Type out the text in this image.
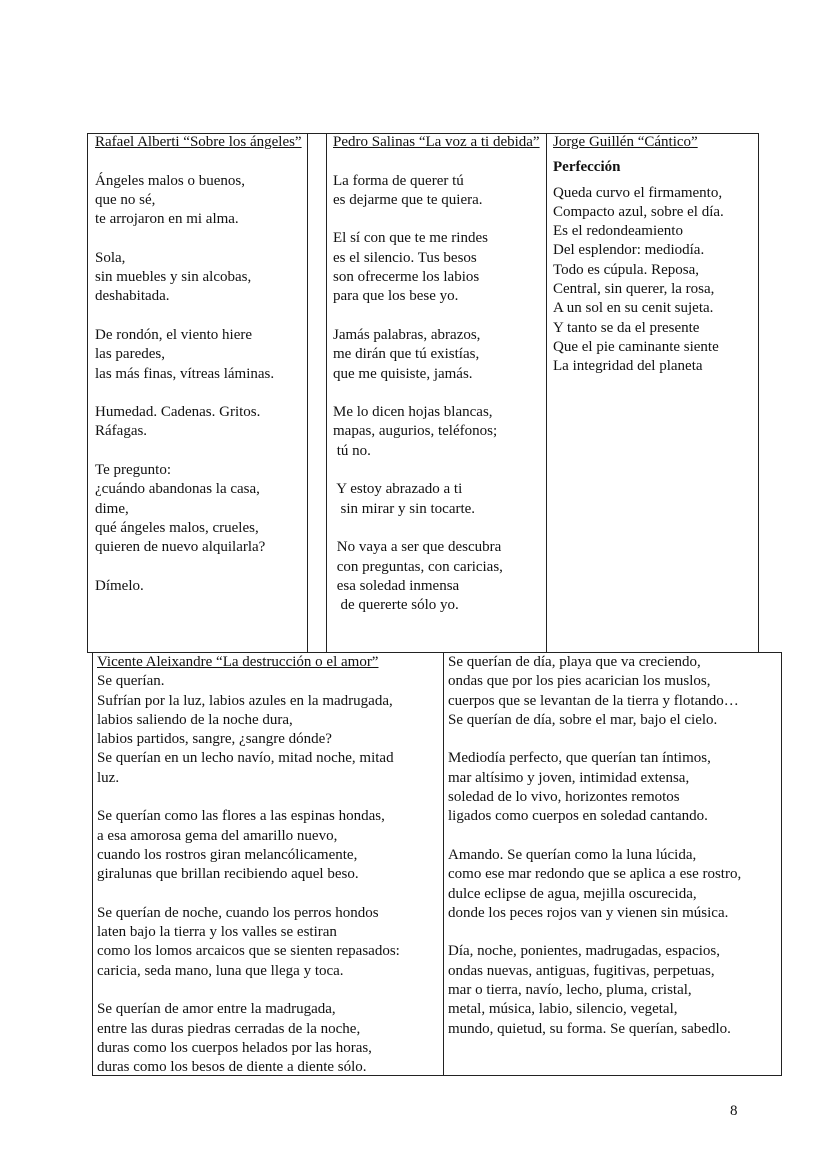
Rafael Alberti “Sobre los ángeles”
Ángeles malos o buenos,
que no sé,
te arrojaron en mi alma.
Sola,
sin muebles y sin alcobas,
deshabitada.
De rondón, el viento hiere
las paredes,
las más finas, vítreas láminas.
Humedad. Cadenas. Gritos.
Ráfagas.
Te pregunto:
¿cuándo abandonas la casa,
dime,
qué ángeles malos, crueles,
quieren de nuevo alquilarla?
Dímelo.
Pedro Salinas “La voz a ti debida”
La forma de querer tú
es dejarme que te quiera.
El sí con que te me rindes
es el silencio. Tus besos
son ofrecerme los labios
para que los bese yo.
Jamás palabras, abrazos,
me dirán que tú existías,
que me quisiste, jamás.
Me lo dicen hojas blancas,
mapas, augurios, teléfonos;
tú no.
Y estoy abrazado a ti
sin mirar y sin tocarte.
No vaya a ser que descubra
con preguntas, con caricias,
esa soledad inmensa
de quererte sólo yo.
Jorge Guillén “Cántico”
Perfección
Queda curvo el firmamento,
Compacto azul, sobre el día.
Es el redondeamiento
Del esplendor: mediodía.
Todo es cúpula. Reposa,
Central, sin querer, la rosa,
A un sol en su cenit sujeta.
Y tanto se da el presente
Que el pie caminante siente
La integridad del planeta
Vicente Aleixandre “La destrucción o el amor”
Se querían.
Sufrían por la luz, labios azules en la madrugada,
labios saliendo de la noche dura,
labios partidos, sangre, ¿sangre dónde?
Se querían en un lecho navío, mitad noche, mitad
luz.
Se querían como las flores a las espinas hondas,
a esa amorosa gema del amarillo nuevo,
cuando los rostros giran melancólicamente,
giralunas que brillan recibiendo aquel beso.
Se querían de noche, cuando los perros hondos
laten bajo la tierra y los valles se estiran
como los lomos arcaicos que se sienten repasados:
caricia, seda mano, luna que llega y toca.
Se querían de amor entre la madrugada,
entre las duras piedras cerradas de la noche,
duras como los cuerpos helados por las horas,
duras como los besos de diente a diente sólo.
Se querían de día, playa que va creciendo,
ondas que por los pies acarician los muslos,
cuerpos que se levantan de la tierra y flotando…
Se querían de día, sobre el mar, bajo el cielo.
Mediodía perfecto, que querían tan íntimos,
mar altísimo y joven, intimidad extensa,
soledad de lo vivo, horizontes remotos
ligados como cuerpos en soledad cantando.
Amando. Se querían como la luna lúcida,
como ese mar redondo que se aplica a ese rostro,
dulce eclipse de agua, mejilla oscurecida,
donde los peces rojos van y vienen sin música.
Día, noche, ponientes, madrugadas, espacios,
ondas nuevas, antiguas, fugitivas, perpetuas,
mar o tierra, navío, lecho, pluma, cristal,
metal, música, labio, silencio, vegetal,
mundo, quietud, su forma. Se querían, sabedlo.
8
